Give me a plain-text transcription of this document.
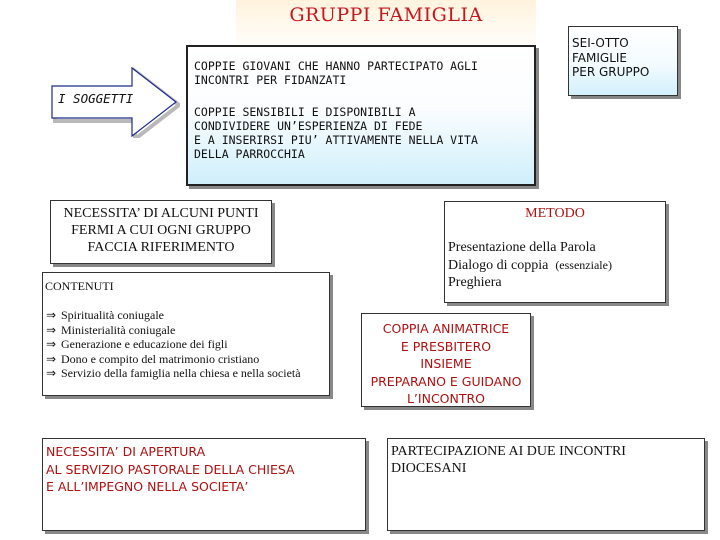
GRUPPI FAMIGLIA
I SOGGETTI
COPPIE GIOVANI CHE HANNO PARTECIPATO AGLI
INCONTRI PER FIDANZATI
COPPIE SENSIBILI E DISPONIBILI A
CONDIVIDERE UN’ESPERIENZA DI FEDE
E A INSERIRSI PIU’ ATTIVAMENTE NELLA VITA
DELLA PARROCCHIA
SEI-OTTO
FAMIGLIE
PER GRUPPO
NECESSITA’ DI ALCUNI PUNTI
FERMI A CUI OGNI GRUPPO
FACCIA RIFERIMENTO
CONTENUTI
⇒ Spiritualità coniugale
⇒ Ministerialità coniugale
⇒ Generazione e educazione dei figli
⇒ Dono e compito del matrimonio cristiano
⇒ Servizio della famiglia nella chiesa e nella società
METODO
Presentazione della Parola
Dialogo di coppia (essenziale)
Preghiera
COPPIA ANIMATRICE
E PRESBITERO
INSIEME
PREPARANO E GUIDANO
L’INCONTRO
NECESSITA’ DI APERTURA
AL SERVIZIO PASTORALE DELLA CHIESA
E ALL’IMPEGNO NELLA SOCIETA’
PARTECIPAZIONE AI DUE INCONTRI
DIOCESANI
